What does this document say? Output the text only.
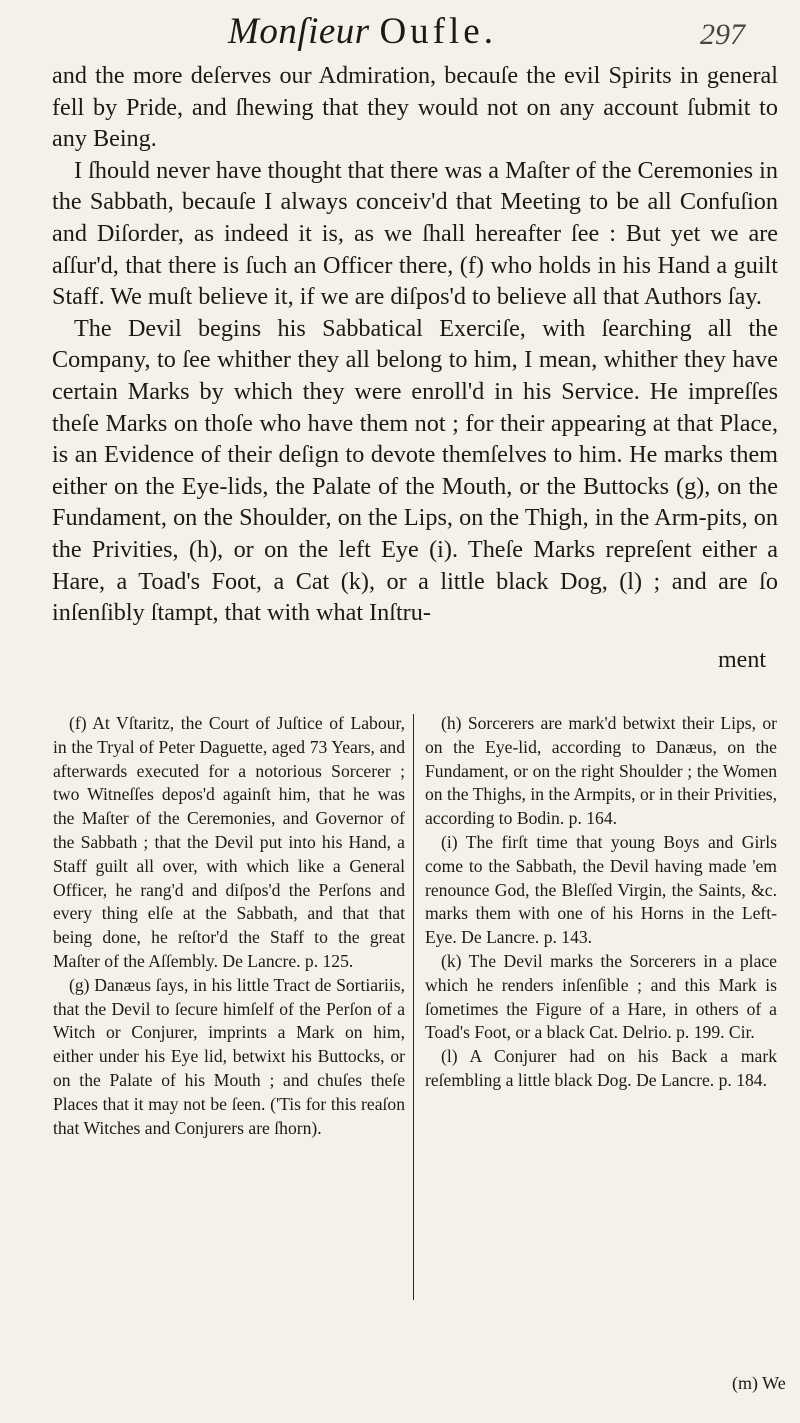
Monſieur Oufle.	297

and the more deſerves our Admiration, becauſe the evil Spirits in general fell by Pride, and ſhewing that they would not on any account ſubmit to any Being.

I ſhould never have thought that there was a Maſter of the Ceremonies in the Sabbath, becauſe I always conceiv'd that Meeting to be all Confuſion and Diſorder, as indeed it is, as we ſhall hereafter ſee : But yet we are aſſur'd, that there is ſuch an Officer there, (f) who holds in his Hand a guilt Staff. We muſt believe it, if we are diſpos'd to believe all that Authors ſay.

The Devil begins his Sabbatical Exerciſe, with ſearching all the Company, to ſee whither they all belong to him, I mean, whither they have certain Marks by which they were enroll'd in his Service. He impreſſes theſe Marks on thoſe who have them not ; for their appearing at that Place, is an Evidence of their deſign to devote themſelves to him. He marks them either on the Eye-lids, the Palate of the Mouth, or the Buttocks (g), on the Fundament, on the Shoulder, on the Lips, on the Thigh, in the Arm-pits, on the Privities, (h), or on the left Eye (i). Theſe Marks repreſent either a Hare, a Toad's Foot, a Cat (k), or a little black Dog, (l) ; and are ſo inſenſibly ſtampt, that with what Inſtru-

ment

(f) At Vſtaritz, the Court of Juſtice of Labour, in the Tryal of Peter Daguette, aged 73 Years, and afterwards executed for a notorious Sorcerer ; two Witneſſes depos'd againſt him, that he was the Maſter of the Ceremonies, and Governor of the Sabbath ; that the Devil put into his Hand, a Staff guilt all over, with which like a General Officer, he rang'd and diſpos'd the Perſons and every thing elſe at the Sabbath, and that that being done, he reſtor'd the Staff to the great Maſter of the Aſſembly. De Lancre. p. 125.

(g) Danæus ſays, in his little Tract de Sortiariis, that the Devil to ſecure himſelf of the Perſon of a Witch or Conjurer, imprints a Mark on him, either under his Eye lid, betwixt his Buttocks, or on the Palate of his Mouth ; and chuſes theſe Places that it may not be ſeen. ('Tis for this reaſon that Witches and Conjurers are ſhorn).

(h) Sorcerers are mark'd betwixt their Lips, or on the Eye-lid, according to Danæus, on the Fundament, or on the right Shoulder ; the Women on the Thighs, in the Armpits, or in their Privities, according to Bodin. p. 164.

(i) The firſt time that young Boys and Girls come to the Sabbath, the Devil having made 'em renounce God, the Bleſſed Virgin, the Saints, &c. marks them with one of his Horns in the Left-Eye. De Lancre. p. 143.

(k) The Devil marks the Sorcerers in a place which he renders inſenſible ; and this Mark is ſometimes the Figure of a Hare, in others of a Toad's Foot, or a black Cat. Delrio. p. 199. Cir.

(l) A Conjurer had on his Back a mark reſembling a little black Dog. De Lancre. p. 184.

(m) We
